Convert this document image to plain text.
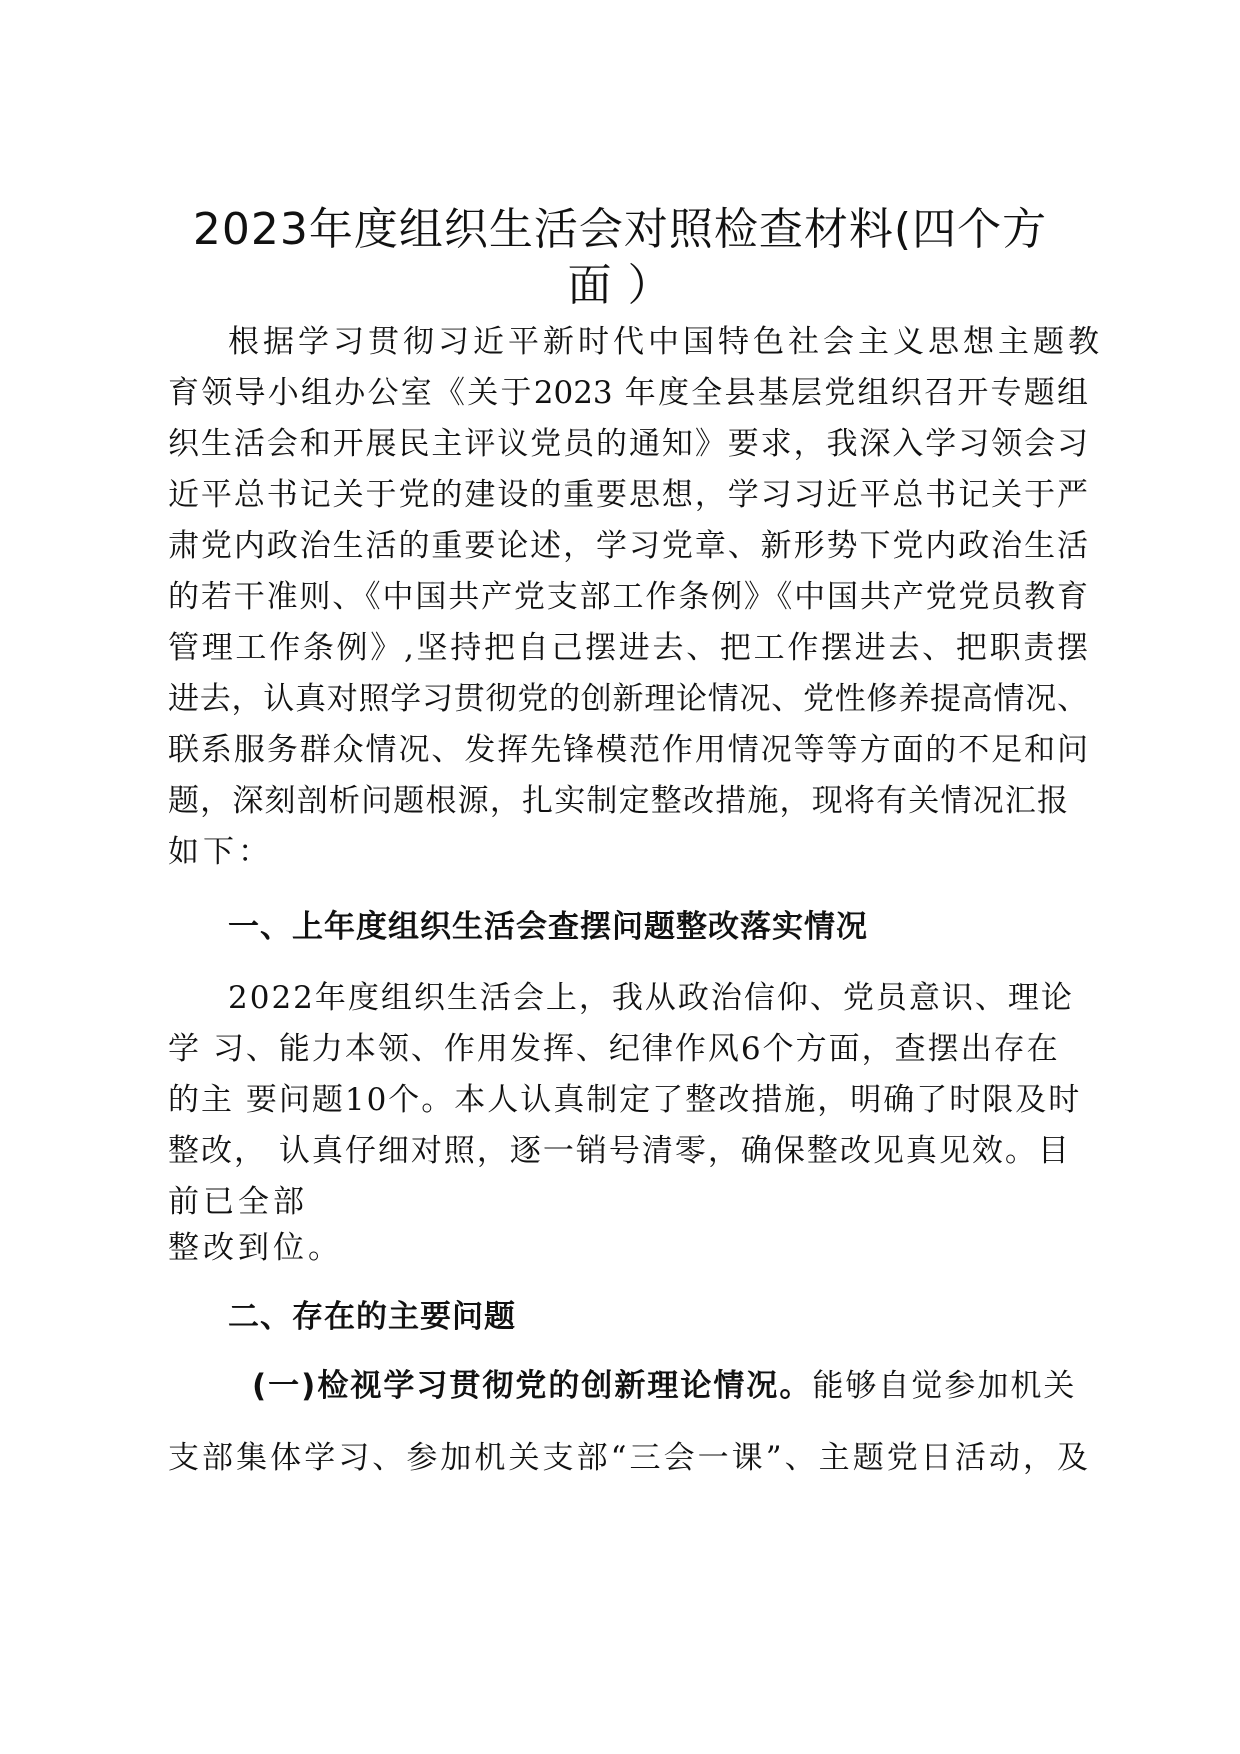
2023年度组织生活会对照检查材料(四个方
面 ）
根据学习贯彻习近平新时代中国特色社会主义思想主题教
育领导小组办公室《关于2023 年度全县基层党组织召开专题组
织生活会和开展民主评议党员的通知》要求，我深入学习领会习
近平总书记关于党的建设的重要思想，学习习近平总书记关于严
肃党内政治生活的重要论述，学习党章、新形势下党内政治生活
的若干准则、《中国共产党支部工作条例》《中国共产党党员教育
管理工作条例》,坚持把自己摆进去、把工作摆进去、把职责摆
进去，认真对照学习贯彻党的创新理论情况、党性修养提高情况、
联系服务群众情况、发挥先锋模范作用情况等等方面的不足和问
题，深刻剖析问题根源，扎实制定整改措施，现将有关情况汇报
如下：
一、上年度组织生活会查摆问题整改落实情况
2022年度组织生活会上，我从政治信仰、党员意识、理论
学 习、能力本领、作用发挥、纪律作风6个方面，查摆出存在
的主 要问题10个。本人认真制定了整改措施，明确了时限及时
整改， 认真仔细对照，逐一销号清零，确保整改见真见效。目
前已全部
整改到位。
二、存在的主要问题
(一)检视学习贯彻党的创新理论情况。能够自觉参加机关
支部集体学习、参加机关支部“三会一课”、主题党日活动，及
